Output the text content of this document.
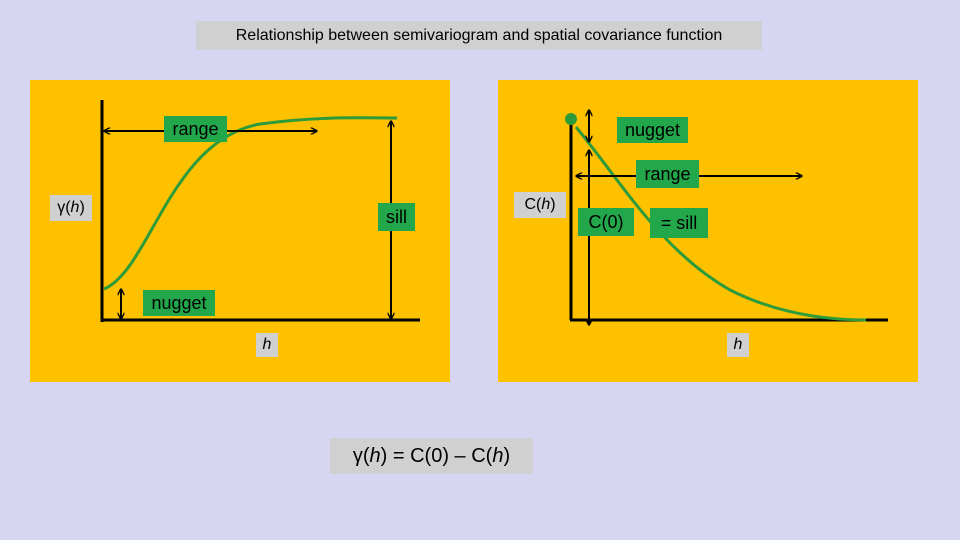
Relationship between semivariogram and spatial covariance function
γ ( h )
range
sill
nugget
h
C ( h )
nugget
range
C(0)	= sill
h
γ ( h ) = C(0) – C( h )
